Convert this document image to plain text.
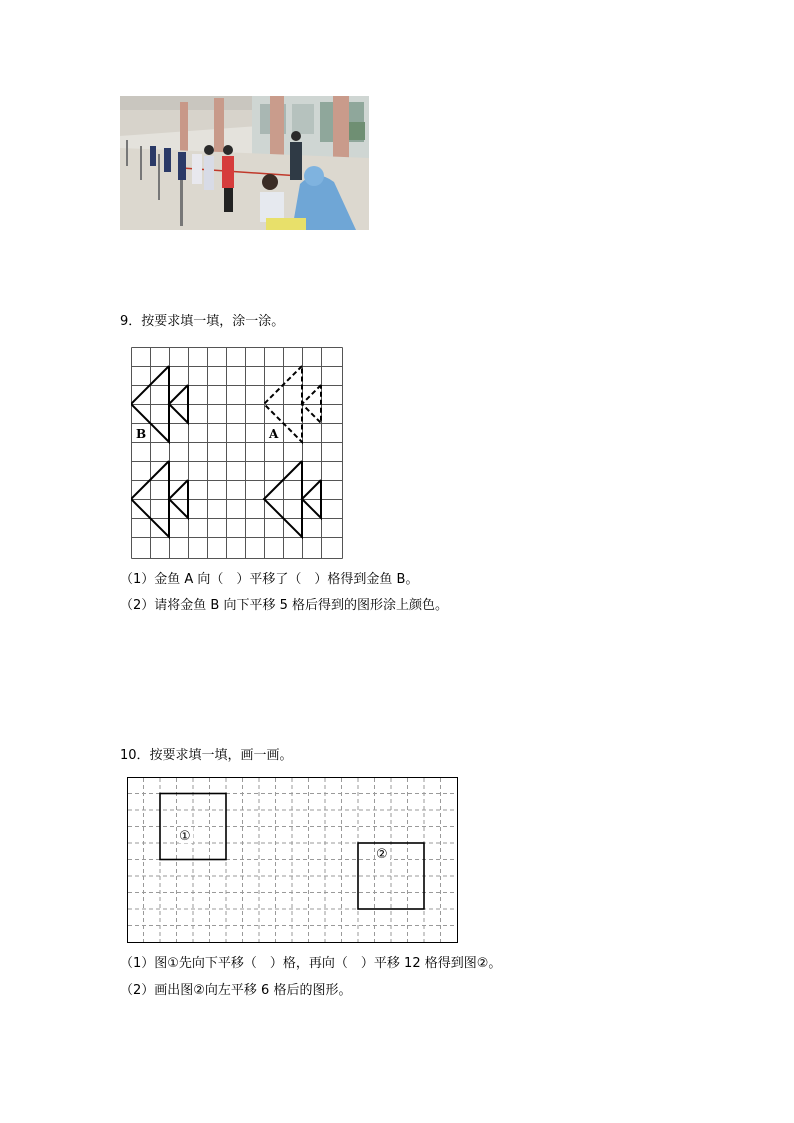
9．按要求填一填，涂一涂。
B	A
（1）金鱼 A 向（　）平移了（　）格得到金鱼 B。
（2）请将金鱼 B 向下平移 5 格后得到的图形涂上颜色。
10．按要求填一填，画一画。
①
②
（1）图①先向下平移（　）格，再向（　）平移 12 格得到图②。
（2）画出图②向左平移 6 格后的图形。
